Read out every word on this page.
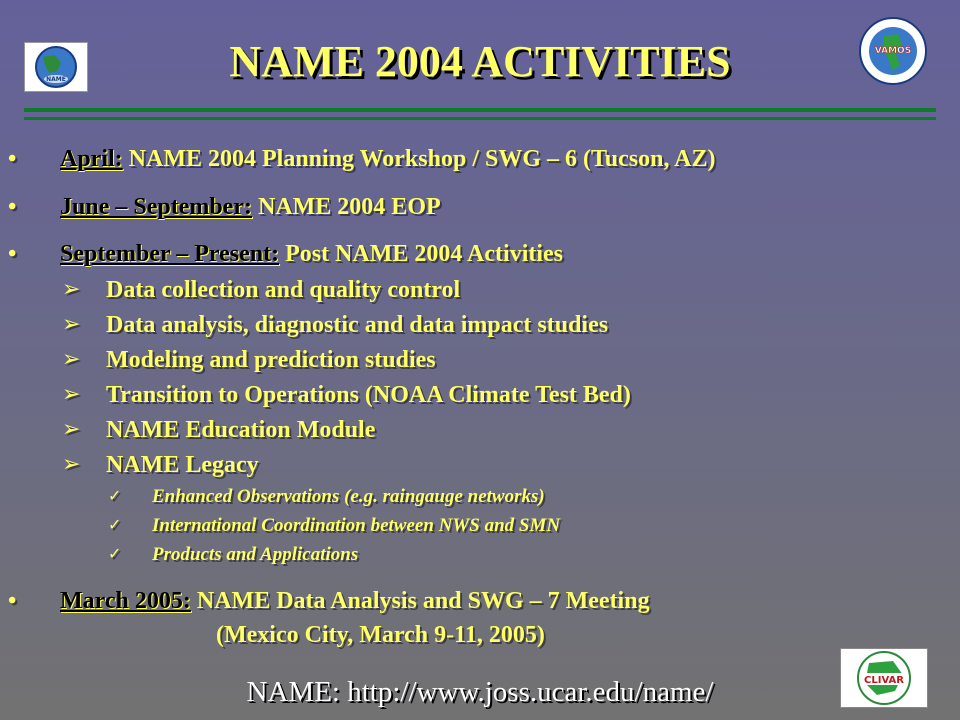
NAME
VAMOS
CLIVAR
NAME 2004 ACTIVITIES
• April: NAME 2004 Planning Workshop / SWG – 6 (Tucson, AZ)
• June – September: NAME 2004 EOP
• September – Present: Post NAME 2004 Activities
➢ Data collection and quality control
➢ Data analysis, diagnostic and data impact studies
➢ Modeling and prediction studies
➢ Transition to Operations (NOAA Climate Test Bed)
➢ NAME Education Module
➢ NAME Legacy
✓ Enhanced Observations (e.g. raingauge networks)
✓ International Coordination between NWS and SMN
✓ Products and Applications
• March 2005: NAME Data Analysis and SWG – 7 Meeting
(Mexico City, March 9-11, 2005)
NAME: http://www.joss.ucar.edu/name/
